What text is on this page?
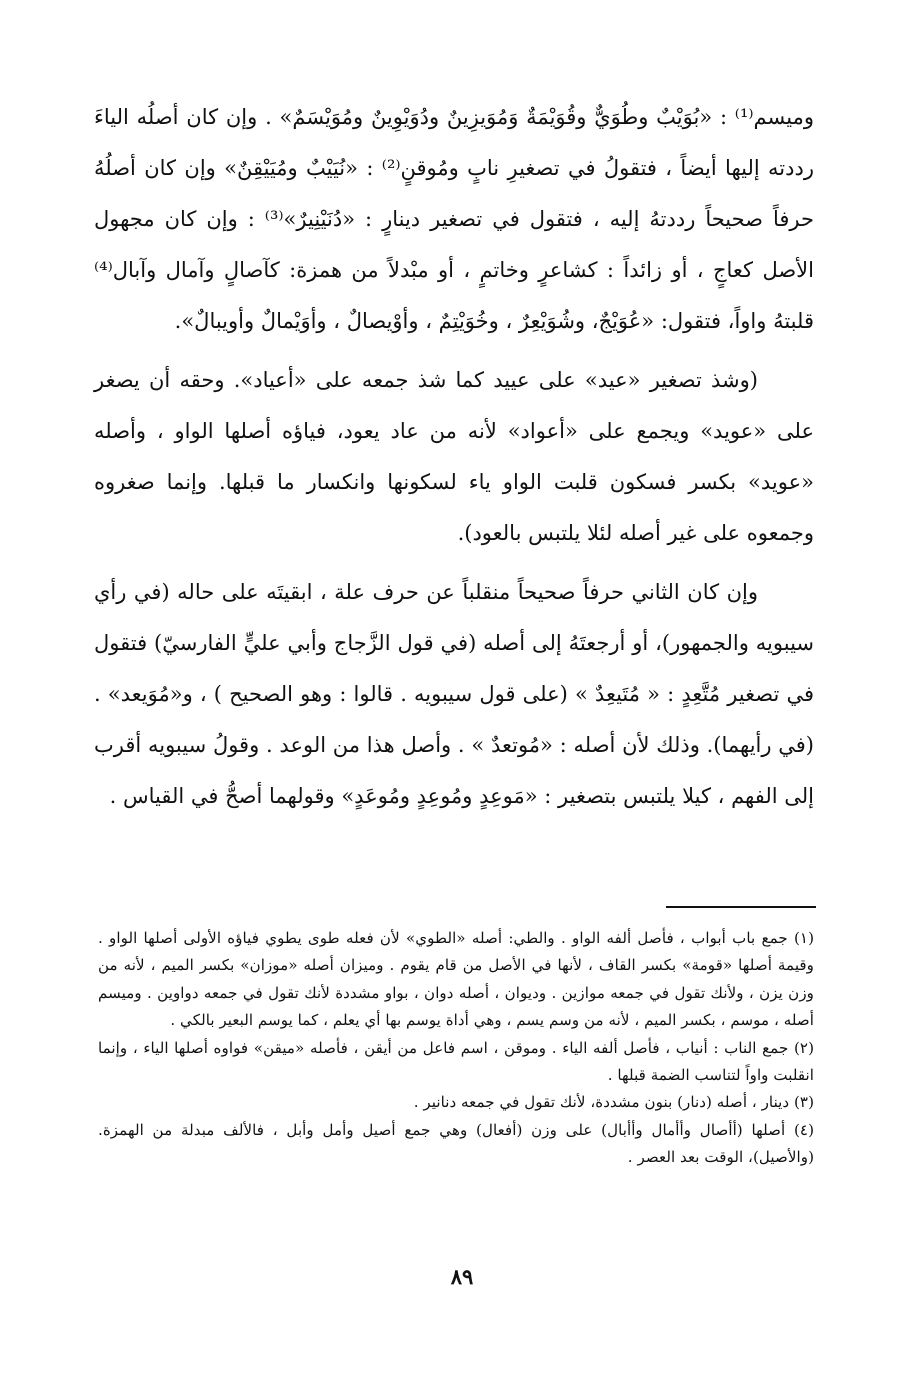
وميسم⁽¹⁾ : «بُوَيْبٌ وطُوَيٌّ وقُوَيْمَةٌ وَمُوَيزِينٌ ودُوَيْوِينٌ ومُوَيْسَمٌ» . وإن كان أصلُه الياءَ رددته إليها أيضاً ، فتقولُ في تصغيرِ نابٍ ومُوقنٍ⁽²⁾ : «نُيَيْبٌ ومُيَيْقِنٌ» وإن كان أصلُهُ حرفاً صحيحاً رددتهُ إليه ، فتقول في تصغير دينارٍ : «دُنَيْنِيرٌ»⁽³⁾ : وإن كان مجهول الأصل كعاجٍ ، أو زائداً : كشاعرٍ وخاتمٍ ، أو مبْدلاً من همزة: كآصالٍ وآمال وآبال⁽⁴⁾ قلبتهُ واواً، فتقول: «عُوَيْجٌ، وشُوَيْعِرٌ ، وخُوَيْتِمٌ ، وأوْيصالٌ ، وأوَيْمالٌ وأويبالٌ».

(وشذ تصغير «عيد» على عييد كما شذ جمعه على «أعياد». وحقه أن يصغر على «عويد» ويجمع على «أعواد» لأنه من عاد يعود، فياؤه أصلها الواو ، وأصله «عويد» بكسر فسكون قلبت الواو ياء لسكونها وانكسار ما قبلها. وإنما صغروه وجمعوه على غير أصله لئلا يلتبس بالعود).

وإن كان الثاني حرفاً صحيحاً منقلباً عن حرف علة ، ابقيتَه على حاله (في رأي سيبويه والجمهور)، أو أرجعتَهُ إلى أصله (في قول الزَّجاج وأبي عليٍّ الفارسيّ) فتقول في تصغير مُتَّعِدٍ : « مُتَيعِدٌ » (على قول سيبويه . قالوا : وهو الصحيح ) ، و«مُوَيعد» . (في رأيهما). وذلك لأن أصله : «مُوتعدٌ » . وأصل هذا من الوعد . وقولُ سيبويه أقرب إلى الفهم ، كيلا يلتبس بتصغير : «مَوعِدٍ ومُوعِدٍ ومُوعَدٍ» وقولهما أصحُّ في القياس .

(١) جمع باب أبواب ، فأصل ألفه الواو . والطي: أصله «الطوي» لأن فعله طوى يطوي فياؤه الأولى أصلها الواو . وقيمة أصلها «قومة» بكسر القاف ، لأنها في الأصل من قام يقوم . وميزان أصله «موزان» بكسر الميم ، لأنه من وزن يزن ، ولأنك تقول في جمعه موازين . وديوان ، أصله دوان ، بواو مشددة لأنك تقول في جمعه دواوين . وميسم أصله ، موسم ، بكسر الميم ، لأنه من وسم يسم ، وهي أداة يوسم بها أي يعلم ، كما يوسم البعير بالكي .

(٢) جمع الناب : أنياب ، فأصل ألفه الياء . وموقن ، اسم فاعل من أيقن ، فأصله «ميقن» فواوه أصلها الياء ، وإنما انقلبت واواً لتناسب الضمة قبلها .

(٣) دينار ، أصله (دنار) بنون مشددة، لأنك تقول في جمعه دنانير .

(٤) أصلها (أأصال وأأمال وأأبال) على وزن (أفعال) وهي جمع أصيل وأمل وأبل ، فالألف مبدلة من الهمزة. (والأصيل)، الوقت بعد العصر .

٨٩
